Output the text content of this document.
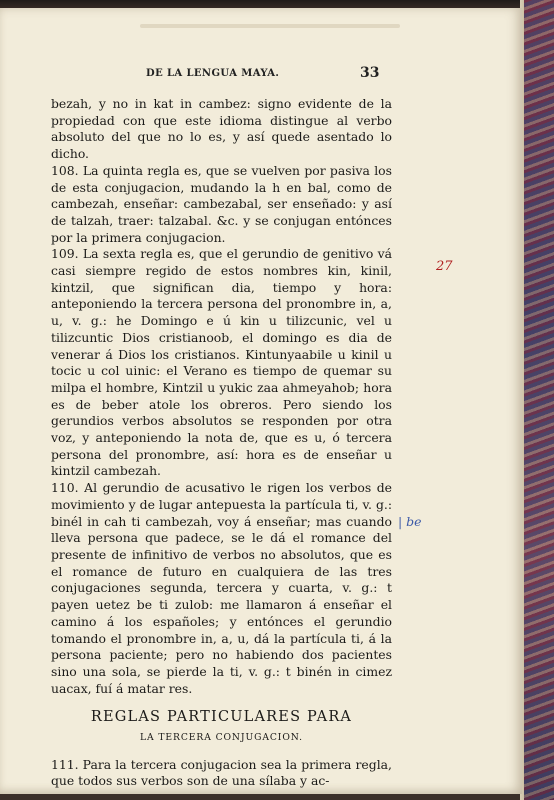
DE LA LENGUA MAYA.	33

bezah, y no in kat in cambez: signo evidente de la propiedad con que este idioma distingue al verbo absoluto del que no lo es, y así quede asentado lo dicho.

108. La quinta regla es, que se vuelven por pasiva los de esta conjugacion, mudando la h en bal, como de cambezah, enseñar: cambezabal, ser enseñado: y así de talzah, traer: talzabal. &c. y se conjugan entónces por la primera conjugacion.

109. La sexta regla es, que el gerundio de genitivo vá casi siempre regido de estos nombres kin, kinil, kintzil, que significan dia, tiempo y hora: anteponiendo la tercera persona del pronombre in, a, u, v. g.: he Domingo e ú kin u tilizcunic, vel u tilizcuntic Dios cristianoob, el domingo es dia de venerar á Dios los cristianos. Kintunyaabile u kinil u tocic u col uinic: el Verano es tiempo de quemar su milpa el hombre, Kintzil u yukic zaa ahmeyahob; hora es de beber atole los obreros. Pero siendo los gerundios verbos absolutos se responden por otra voz, y anteponiendo la nota de, que es u, ó tercera persona del pronombre, así: hora es de enseñar u kintzil cambezah.

110. Al gerundio de acusativo le rigen los verbos de movimiento y de lugar antepuesta la partícula ti, v. g.: binél in cah ti cambezah, voy á enseñar; mas cuando lleva persona que padece, se le dá el romance del presente de infinitivo de verbos no absolutos, que es el romance de futuro en cualquiera de las tres conjugaciones segunda, tercera y cuarta, v. g.: t payen uetez be ti zulob: me llamaron á enseñar el camino á los españoles; y entónces el gerundio tomando el pronombre in, a, u, dá la partícula ti, á la persona paciente; pero no habiendo dos pacientes sino una sola, se pierde la ti, v. g.: t binén in cimez uacax, fuí á matar res.

REGLAS PARTICULARES PARA
LA TERCERA CONJUGACION.

111. Para la tercera conjugacion sea la primera regla, que todos sus verbos son de una sílaba y ac-

27
| be
